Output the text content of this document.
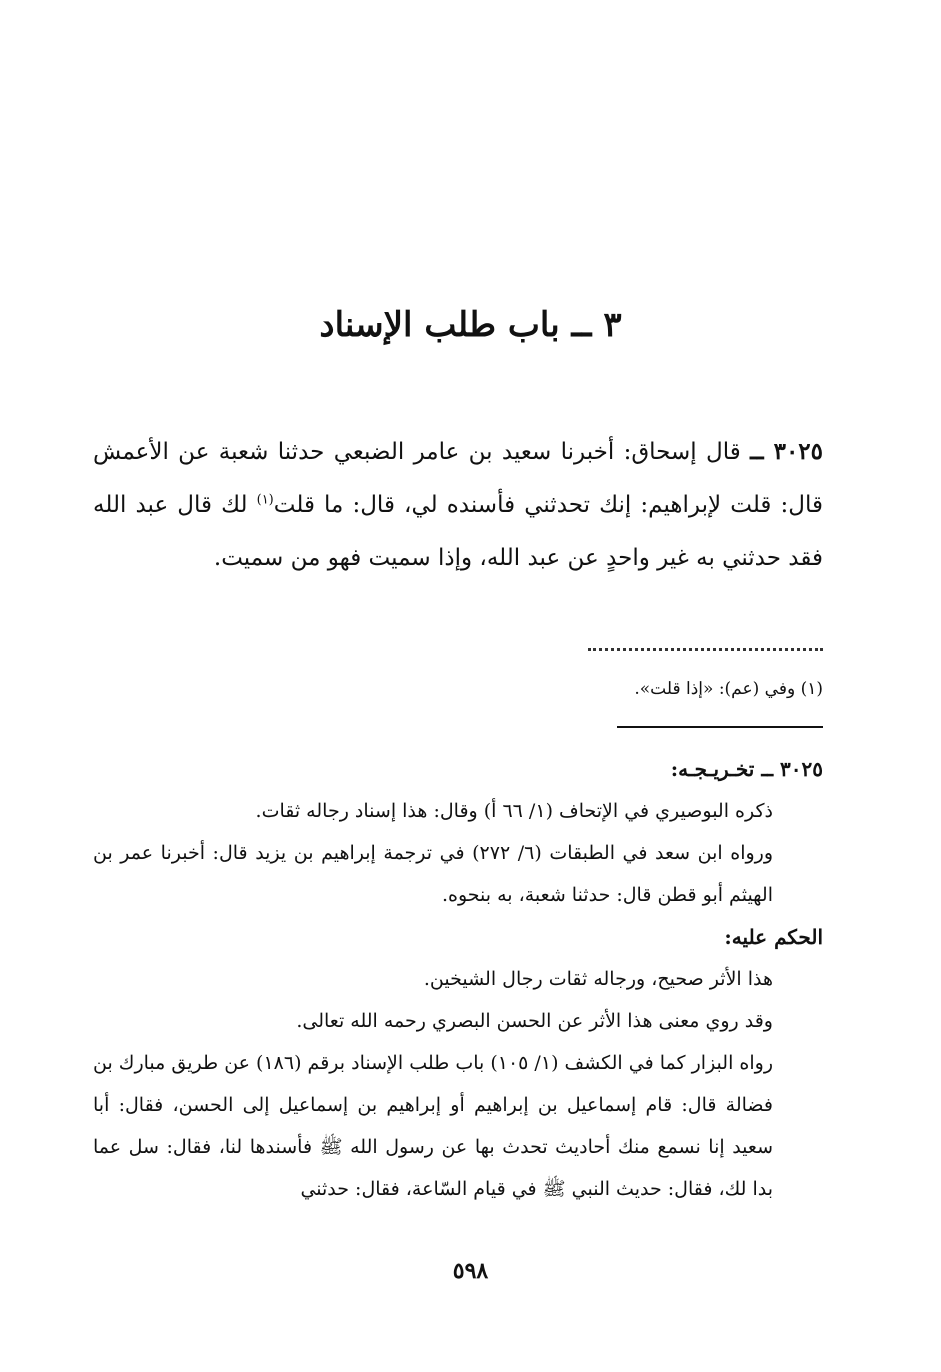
٣ ــ باب طلب الإسناد

٣٠٢٥ ــ قال إسحاق: أخبرنا سعيد بن عامر الضبعي حدثنا شعبة عن الأعمش قال: قلت لإبراهيم: إنك تحدثني فأسنده لي، قال: ما قلت$^{(١)}$ لك قال عبد الله فقد حدثني به غير واحدٍ عن عبد الله، وإذا سميت فهو من سميت.

(١) وفي (عم): «إذا قلت».

٣٠٢٥ ــ تخـريـجـه:

ذكره البوصيري في الإتحاف (١/ ٦٦ أ) وقال: هذا إسناد رجاله ثقات.

ورواه ابن سعد في الطبقات (٦/ ٢٧٢) في ترجمة إبراهيم بن يزيد قال: أخبرنا عمر بن الهيثم أبو قطن قال: حدثنا شعبة، به بنحوه.

الحكم عليه:

هذا الأثر صحيح، ورجاله ثقات رجال الشيخين.

وقد روي معنى هذا الأثر عن الحسن البصري رحمه الله تعالى.

رواه البزار كما في الكشف (١/ ١٠٥) باب طلب الإسناد برقم (١٨٦) عن طريق مبارك بن فضالة قال: قام إسماعيل بن إبراهيم أو إبراهيم بن إسماعيل إلى الحسن، فقال: أبا سعيد إنا نسمع منك أحاديث تحدث بها عن رسول الله ﷺ فأسندها لنا، فقال: سل عما بدا لك، فقال: حديث النبي ﷺ في قيام السّاعة، فقال: حدثني

٥٩٨
